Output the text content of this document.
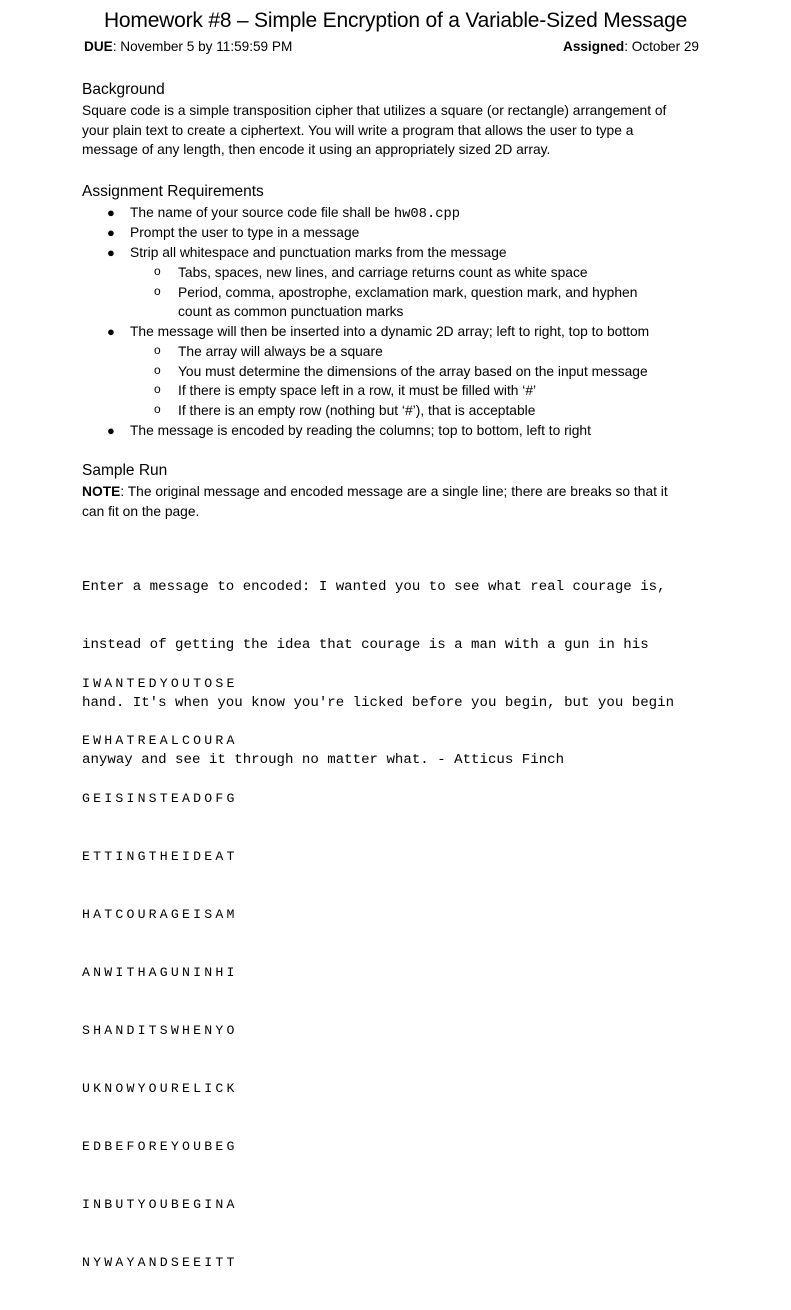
Homework #8 – Simple Encryption of a Variable-Sized Message
DUE: November 5 by 11:59:59 PM	Assigned: October 29
Background
Square code is a simple transposition cipher that utilizes a square (or rectangle) arrangement of
your plain text to create a ciphertext. You will write a program that allows the user to type a
message of any length, then encode it using an appropriately sized 2D array.
Assignment Requirements
● The name of your source code file shall be hw08.cpp
● Prompt the user to type in a message
● Strip all whitespace and punctuation marks from the message
o Tabs, spaces, new lines, and carriage returns count as white space
o Period, comma, apostrophe, exclamation mark, question mark, and hyphen
count as common punctuation marks
● The message will then be inserted into a dynamic 2D array; left to right, top to bottom
o The array will always be a square
o You must determine the dimensions of the array based on the input message
o If there is empty space left in a row, it must be filled with ‘#’
o If there is an empty row (nothing but ‘#’), that is acceptable
● The message is encoded by reading the columns; top to bottom, left to right
Sample Run
NOTE: The original message and encoded message are a single line; there are breaks so that it
can fit on the page.

Enter a message to encoded: I wanted you to see what real courage is,

instead of getting the idea that courage is a man with a gun in his

hand. It's when you know you're licked before you begin, but you begin

anyway and see it through no matter what. - Atticus Finch

IWANTEDYOUTOSE

EWHATREALCOURA

GEISINSTEADOFG

ETTINGTHEIDEAT

HATCOURAGEISAM

ANWITHAGUNINHI

SHANDITSWHENYO

UKNOWYOURELICK

EDBEFOREYOUBEG

INBUTYOUBEGINA

NYWAYANDSEEITT
